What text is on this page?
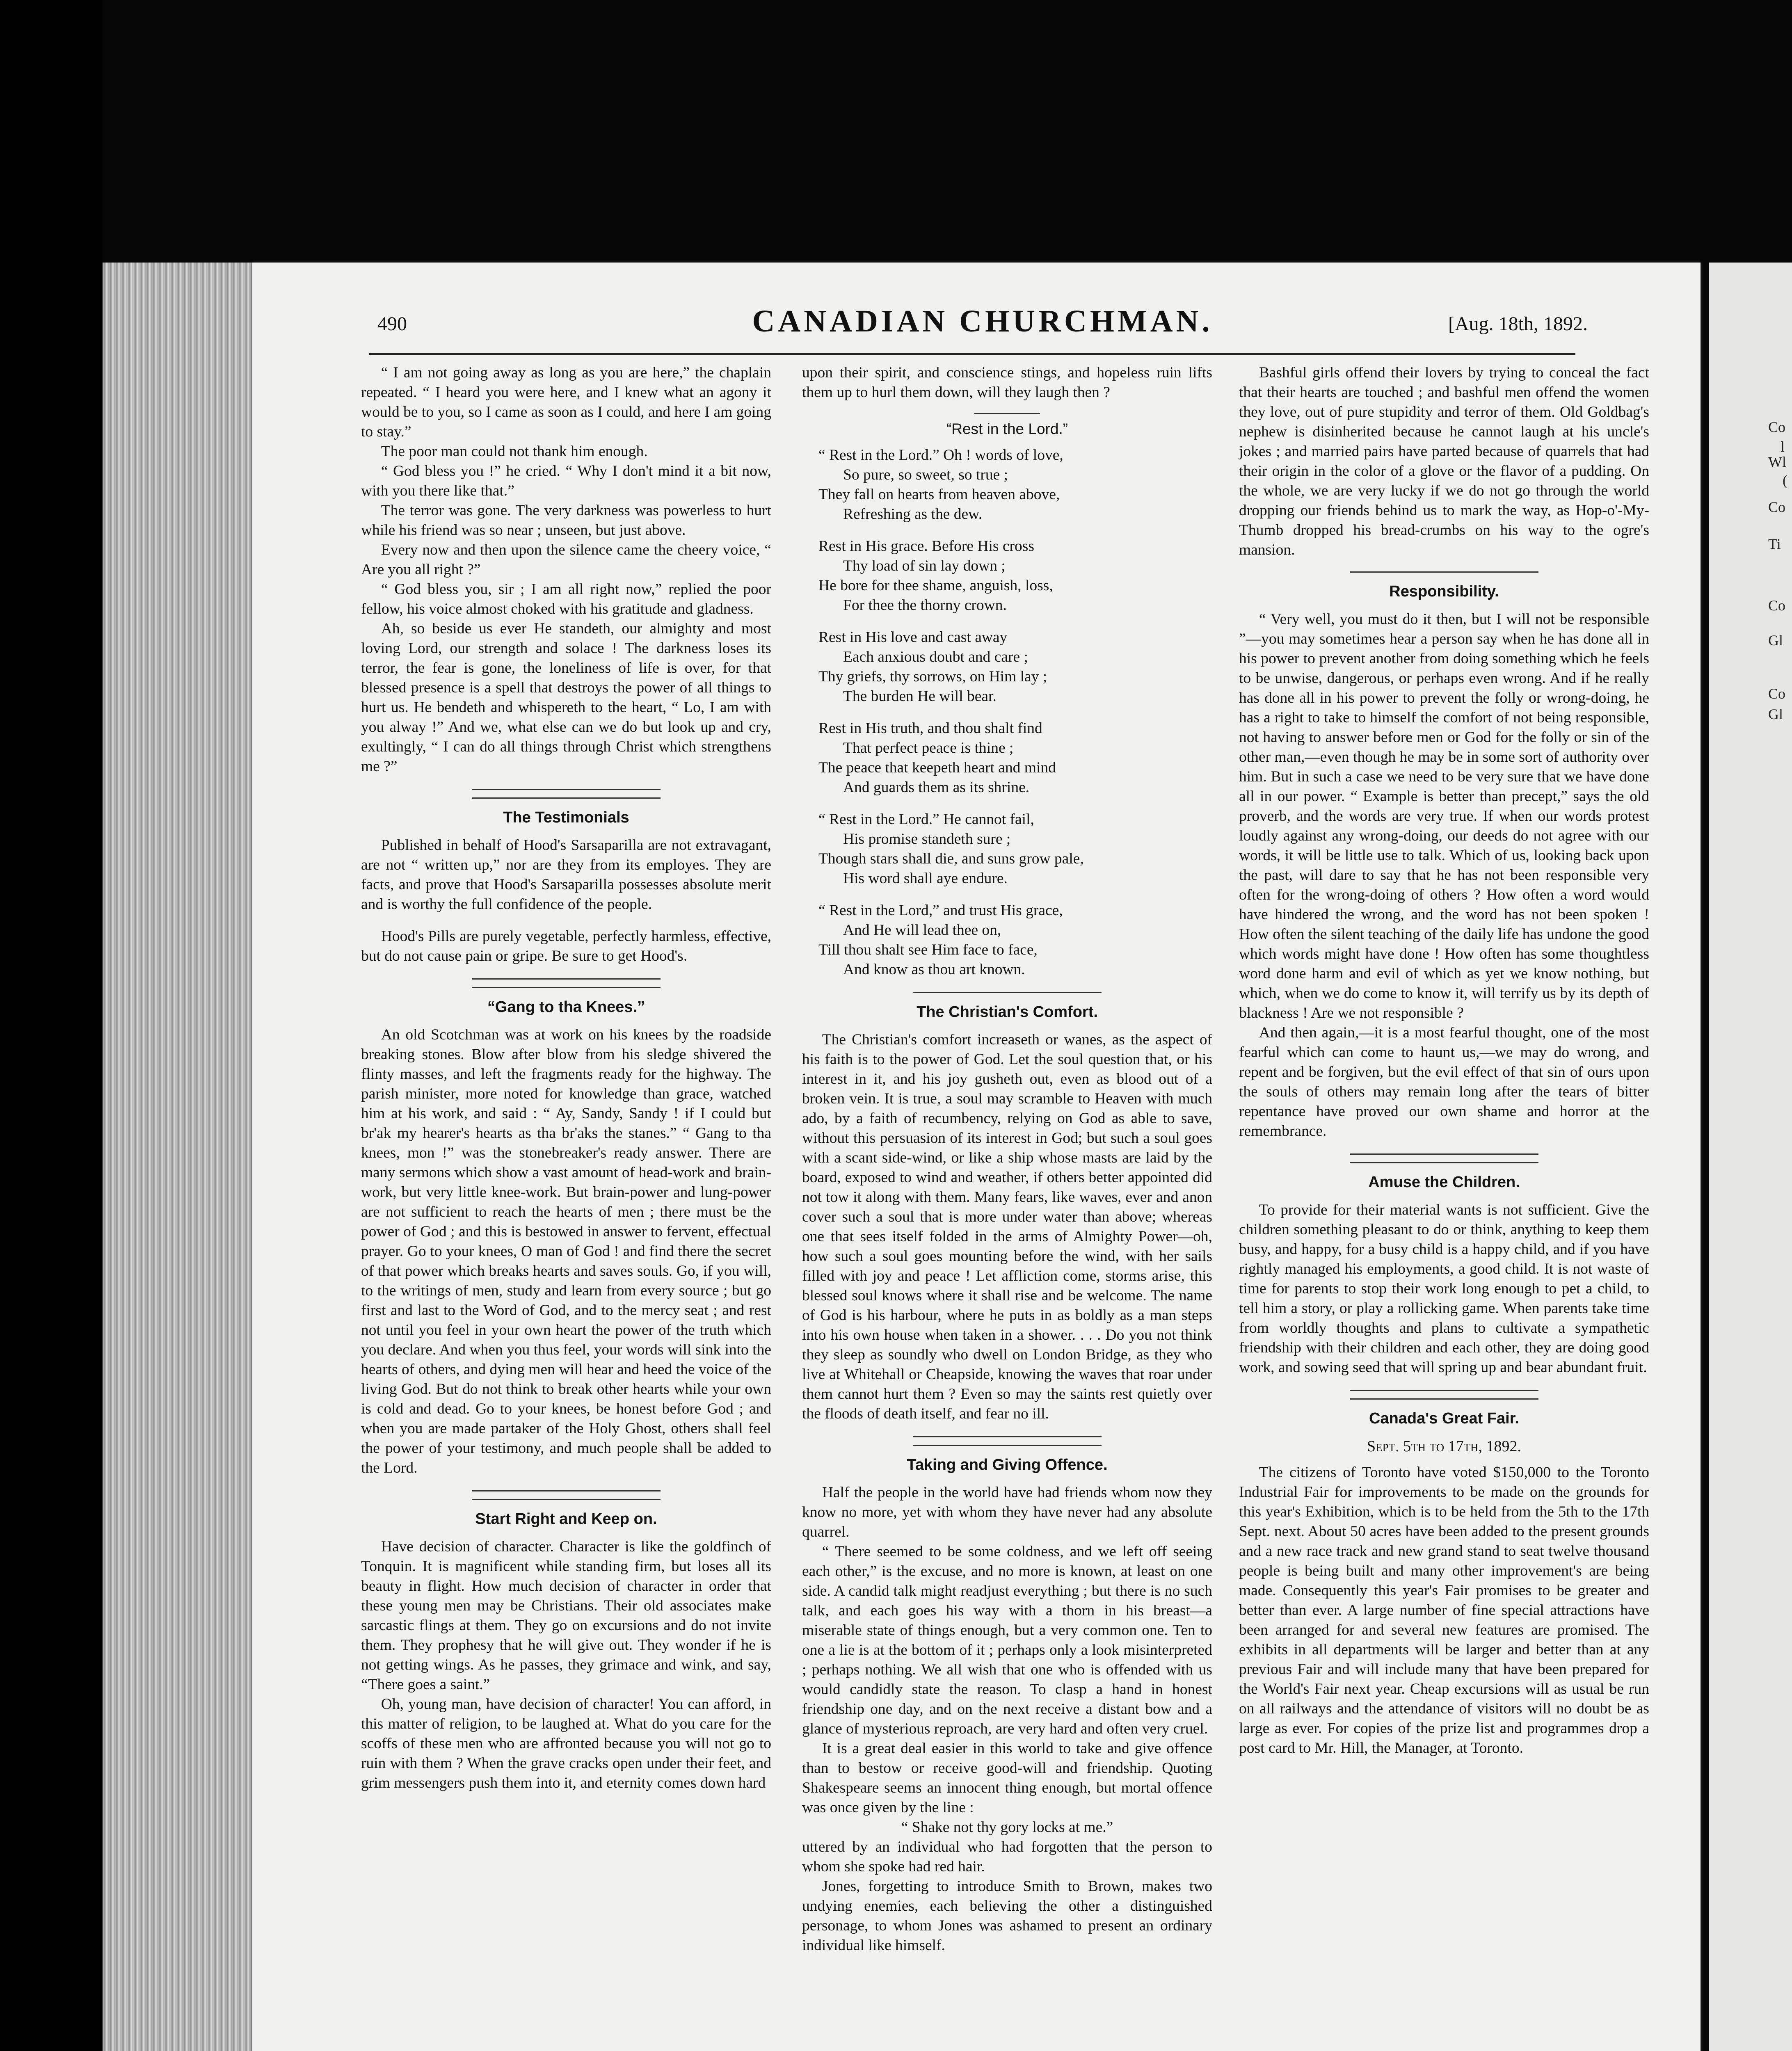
Co
l
Wl
(
Co
Ti
Co
Gl
Co
Gl
490	CANADIAN CHURCHMAN.	[Aug. 18th, 1892.

“ I am not going away as long as you are here,” the chaplain repeated. “ I heard you were here, and I knew what an agony it would be to you, so I came as soon as I could, and here I am going to stay.”

The poor man could not thank him enough.

“ God bless you !” he cried. “ Why I don't mind it a bit now, with you there like that.”

The terror was gone. The very darkness was powerless to hurt while his friend was so near ; unseen, but just above.

Every now and then upon the silence came the cheery voice, “ Are you all right ?”

“ God bless you, sir ; I am all right now,” replied the poor fellow, his voice almost choked with his gratitude and gladness.

Ah, so beside us ever He standeth, our almighty and most loving Lord, our strength and solace ! The darkness loses its terror, the fear is gone, the loneliness of life is over, for that blessed presence is a spell that destroys the power of all things to hurt us. He bendeth and whispereth to the heart, “ Lo, I am with you alway !” And we, what else can we do but look up and cry, exultingly, “ I can do all things through Christ which strengthens me ?”

The Testimonials

Published in behalf of Hood's Sarsaparilla are not extravagant, are not “ written up,” nor are they from its employes. They are facts, and prove that Hood's Sarsaparilla possesses absolute merit and is worthy the full confidence of the people.

Hood's Pills are purely vegetable, perfectly harmless, effective, but do not cause pain or gripe. Be sure to get Hood's.

“Gang to tha Knees.”

An old Scotchman was at work on his knees by the roadside breaking stones. Blow after blow from his sledge shivered the flinty masses, and left the fragments ready for the highway. The parish minister, more noted for knowledge than grace, watched him at his work, and said : “ Ay, Sandy, Sandy ! if I could but br'ak my hearer's hearts as tha br'aks the stanes.” “ Gang to tha knees, mon !” was the stonebreaker's ready answer. There are many sermons which show a vast amount of head-work and brain-work, but very little knee-work. But brain-power and lung-power are not sufficient to reach the hearts of men ; there must be the power of God ; and this is bestowed in answer to fervent, effectual prayer. Go to your knees, O man of God ! and find there the secret of that power which breaks hearts and saves souls. Go, if you will, to the writings of men, study and learn from every source ; but go first and last to the Word of God, and to the mercy seat ; and rest not until you feel in your own heart the power of the truth which you declare. And when you thus feel, your words will sink into the hearts of others, and dying men will hear and heed the voice of the living God. But do not think to break other hearts while your own is cold and dead. Go to your knees, be honest before God ; and when you are made partaker of the Holy Ghost, others shall feel the power of your testimony, and much people shall be added to the Lord.

Start Right and Keep on.

Have decision of character. Character is like the goldfinch of Tonquin. It is magnificent while standing firm, but loses all its beauty in flight. How much decision of character in order that these young men may be Christians. Their old associates make sarcastic flings at them. They go on excursions and do not invite them. They prophesy that he will give out. They wonder if he is not getting wings. As he passes, they grimace and wink, and say, “There goes a saint.”

Oh, young man, have decision of character! You can afford, in this matter of religion, to be laughed at. What do you care for the scoffs of these men who are affronted because you will not go to ruin with them ? When the grave cracks open under their feet, and grim messengers push them into it, and eternity comes down hard

upon their spirit, and conscience stings, and hopeless ruin lifts them up to hurl them down, will they laugh then ?

“Rest in the Lord.”

“ Rest in the Lord.” Oh ! words of love,

So pure, so sweet, so true ;

They fall on hearts from heaven above,

Refreshing as the dew.

Rest in His grace. Before His cross

Thy load of sin lay down ;

He bore for thee shame, anguish, loss,

For thee the thorny crown.

Rest in His love and cast away

Each anxious doubt and care ;

Thy griefs, thy sorrows, on Him lay ;

The burden He will bear.

Rest in His truth, and thou shalt find

That perfect peace is thine ;

The peace that keepeth heart and mind

And guards them as its shrine.

“ Rest in the Lord.” He cannot fail,

His promise standeth sure ;

Though stars shall die, and suns grow pale,

His word shall aye endure.

“ Rest in the Lord,” and trust His grace,

And He will lead thee on,

Till thou shalt see Him face to face,

And know as thou art known.

The Christian's Comfort.

The Christian's comfort increaseth or wanes, as the aspect of his faith is to the power of God. Let the soul question that, or his interest in it, and his joy gusheth out, even as blood out of a broken vein. It is true, a soul may scramble to Heaven with much ado, by a faith of recumbency, relying on God as able to save, without this persuasion of its interest in God; but such a soul goes with a scant side-wind, or like a ship whose masts are laid by the board, exposed to wind and weather, if others better appointed did not tow it along with them. Many fears, like waves, ever and anon cover such a soul that is more under water than above; whereas one that sees itself folded in the arms of Almighty Power—oh, how such a soul goes mounting before the wind, with her sails filled with joy and peace ! Let affliction come, storms arise, this blessed soul knows where it shall rise and be welcome. The name of God is his harbour, where he puts in as boldly as a man steps into his own house when taken in a shower. . . . Do you not think they sleep as soundly who dwell on London Bridge, as they who live at Whitehall or Cheapside, knowing the waves that roar under them cannot hurt them ? Even so may the saints rest quietly over the floods of death itself, and fear no ill.

Taking and Giving Offence.

Half the people in the world have had friends whom now they know no more, yet with whom they have never had any absolute quarrel.

“ There seemed to be some coldness, and we left off seeing each other,” is the excuse, and no more is known, at least on one side. A candid talk might readjust everything ; but there is no such talk, and each goes his way with a thorn in his breast—a miserable state of things enough, but a very common one. Ten to one a lie is at the bottom of it ; perhaps only a look misinterpreted ; perhaps nothing. We all wish that one who is offended with us would candidly state the reason. To clasp a hand in honest friendship one day, and on the next receive a distant bow and a glance of mysterious reproach, are very hard and often very cruel.

It is a great deal easier in this world to take and give offence than to bestow or receive good-will and friendship. Quoting Shakespeare seems an innocent thing enough, but mortal offence was once given by the line :

“ Shake not thy gory locks at me.”

uttered by an individual who had forgotten that the person to whom she spoke had red hair.

Jones, forgetting to introduce Smith to Brown, makes two undying enemies, each believing the other a distinguished personage, to whom Jones was ashamed to present an ordinary individual like himself.

Bashful girls offend their lovers by trying to conceal the fact that their hearts are touched ; and bashful men offend the women they love, out of pure stupidity and terror of them. Old Goldbag's nephew is disinherited because he cannot laugh at his uncle's jokes ; and married pairs have parted because of quarrels that had their origin in the color of a glove or the flavor of a pudding. On the whole, we are very lucky if we do not go through the world dropping our friends behind us to mark the way, as Hop-o'-My-Thumb dropped his bread-crumbs on his way to the ogre's mansion.

Responsibility.

“ Very well, you must do it then, but I will not be responsible ”—you may sometimes hear a person say when he has done all in his power to prevent another from doing something which he feels to be unwise, dangerous, or perhaps even wrong. And if he really has done all in his power to prevent the folly or wrong-doing, he has a right to take to himself the comfort of not being responsible, not having to answer before men or God for the folly or sin of the other man,—even though he may be in some sort of authority over him. But in such a case we need to be very sure that we have done all in our power. “ Example is better than precept,” says the old proverb, and the words are very true. If when our words protest loudly against any wrong-doing, our deeds do not agree with our words, it will be little use to talk. Which of us, looking back upon the past, will dare to say that he has not been responsible very often for the wrong-doing of others ? How often a word would have hindered the wrong, and the word has not been spoken ! How often the silent teaching of the daily life has undone the good which words might have done ! How often has some thoughtless word done harm and evil of which as yet we know nothing, but which, when we do come to know it, will terrify us by its depth of blackness ! Are we not responsible ?

And then again,—it is a most fearful thought, one of the most fearful which can come to haunt us,—we may do wrong, and repent and be forgiven, but the evil effect of that sin of ours upon the souls of others may remain long after the tears of bitter repentance have proved our own shame and horror at the remembrance.

Amuse the Children.

To provide for their material wants is not sufficient. Give the children something pleasant to do or think, anything to keep them busy, and happy, for a busy child is a happy child, and if you have rightly managed his employments, a good child. It is not waste of time for parents to stop their work long enough to pet a child, to tell him a story, or play a rollicking game. When parents take time from worldly thoughts and plans to cultivate a sympathetic friendship with their children and each other, they are doing good work, and sowing seed that will spring up and bear abundant fruit.

Canada's Great Fair.
Sept. 5th to 17th, 1892.

The citizens of Toronto have voted $150,000 to the Toronto Industrial Fair for improvements to be made on the grounds for this year's Exhibition, which is to be held from the 5th to the 17th Sept. next. About 50 acres have been added to the present grounds and a new race track and new grand stand to seat twelve thousand people is being built and many other improvement's are being made. Consequently this year's Fair promises to be greater and better than ever. A large number of fine special attractions have been arranged for and several new features are promised. The exhibits in all departments will be larger and better than at any previous Fair and will include many that have been prepared for the World's Fair next year. Cheap excursions will as usual be run on all railways and the attendance of visitors will no doubt be as large as ever. For copies of the prize list and programmes drop a post card to Mr. Hill, the Manager, at Toronto.
